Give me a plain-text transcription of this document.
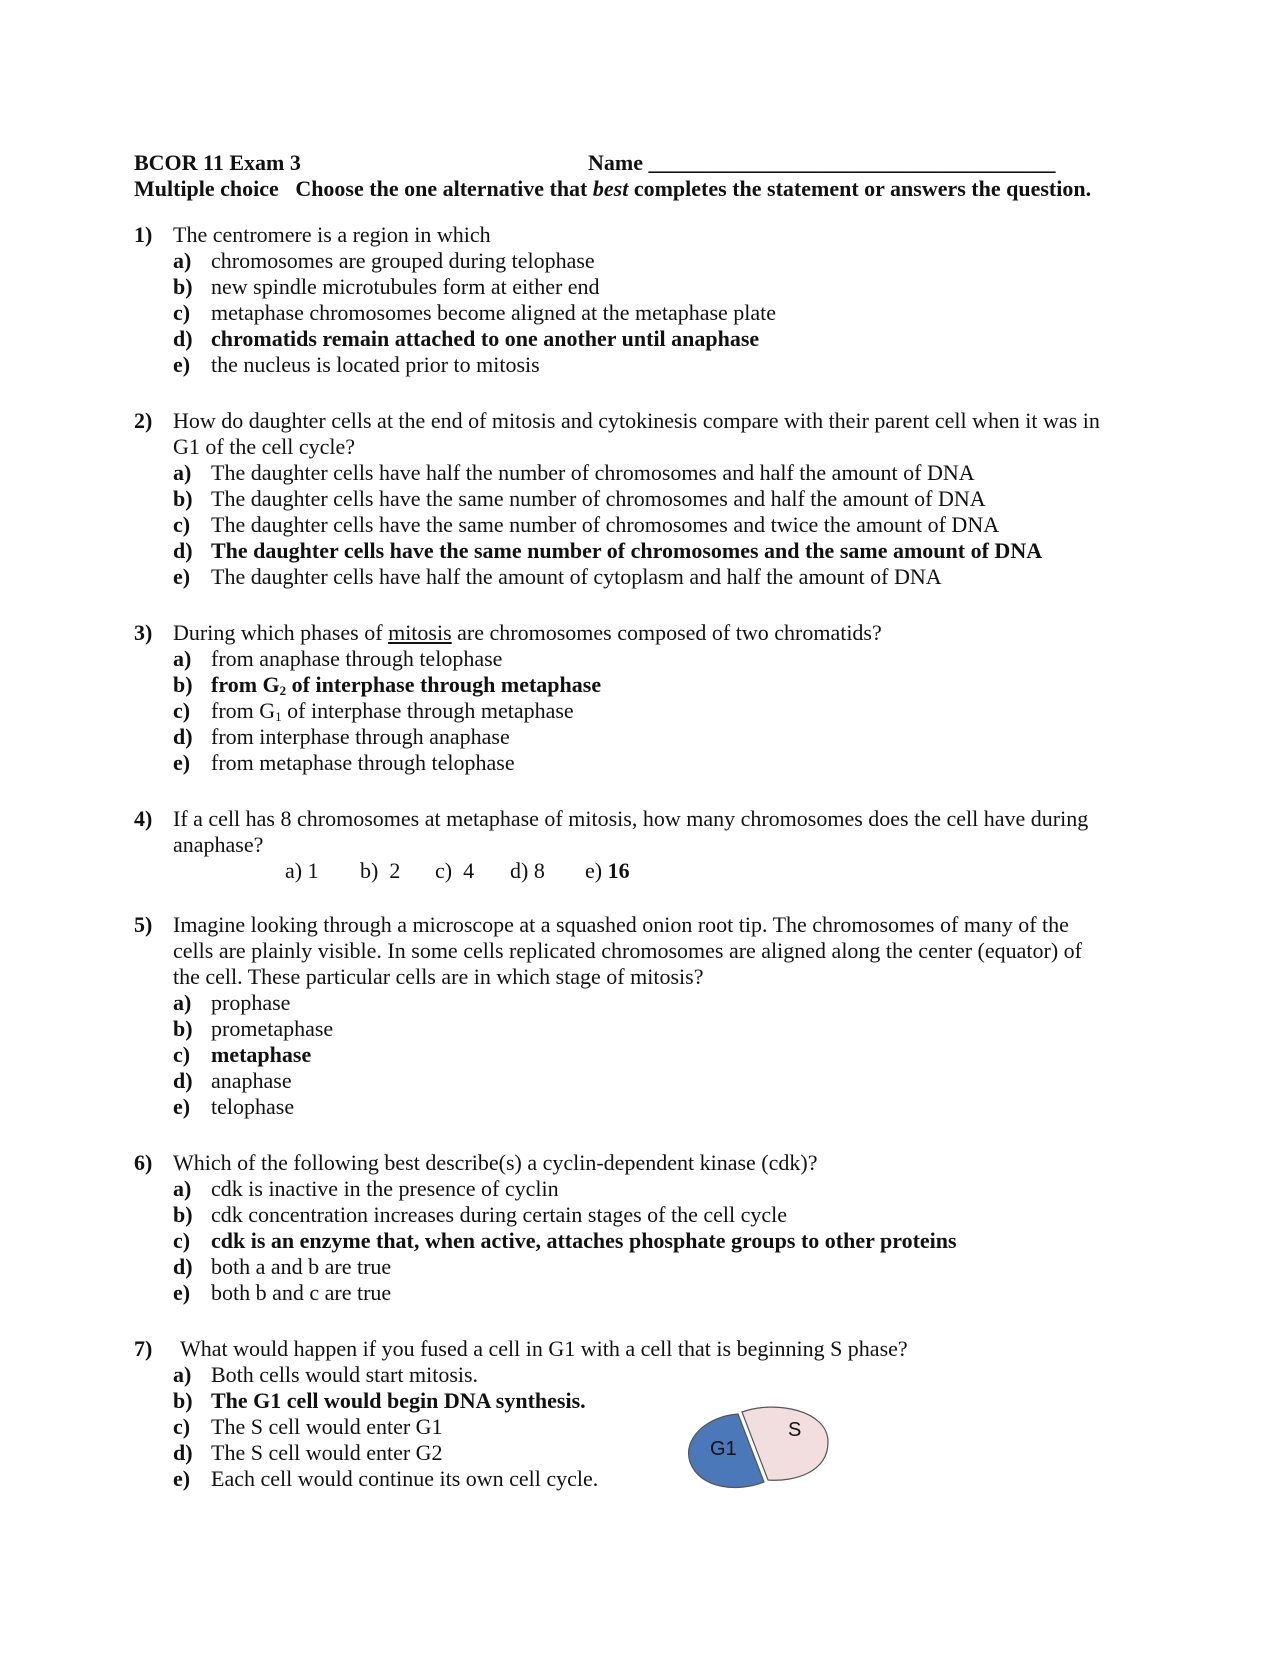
BCOR 11 Exam 3	Name _____________________________________
Multiple choice Choose the one alternative that best completes the statement or answers the question.
1) The centromere is a region in which
a) chromosomes are grouped during telophase
b) new spindle microtubules form at either end
c) metaphase chromosomes become aligned at the metaphase plate
d) chromatids remain attached to one another until anaphase
e) the nucleus is located prior to mitosis
2) How do daughter cells at the end of mitosis and cytokinesis compare with their parent cell when it was in
G1 of the cell cycle?
a) The daughter cells have half the number of chromosomes and half the amount of DNA
b) The daughter cells have the same number of chromosomes and half the amount of DNA
c) The daughter cells have the same number of chromosomes and twice the amount of DNA
d) The daughter cells have the same number of chromosomes and the same amount of DNA
e) The daughter cells have half the amount of cytoplasm and half the amount of DNA
3) During which phases of mitosis are chromosomes composed of two chromatids?
a) from anaphase through telophase
b) from $G_2$ of interphase through metaphase
c) from $G_1$ of interphase through metaphase
d) from interphase through anaphase
e) from metaphase through telophase
4) If a cell has 8 chromosomes at metaphase of mitosis, how many chromosomes does the cell have during
anaphase?
a) 1 b) 2 c) 4 d) 8 e) 16
5) Imagine looking through a microscope at a squashed onion root tip. The chromosomes of many of the
cells are plainly visible. In some cells replicated chromosomes are aligned along the center (equator) of
the cell. These particular cells are in which stage of mitosis?
a) prophase
b) prometaphase
c) metaphase
d) anaphase
e) telophase
6) Which of the following best describe(s) a cyclin-dependent kinase (cdk)?
a) cdk is inactive in the presence of cyclin
b) cdk concentration increases during certain stages of the cell cycle
c) cdk is an enzyme that, when active, attaches phosphate groups to other proteins
d) both a and b are true
e) both b and c are true
7) What would happen if you fused a cell in G1 with a cell that is beginning S phase?
a) Both cells would start mitosis.
b) The G1 cell would begin DNA synthesis.
c) The S cell would enter G1
d) The S cell would enter G2
e) Each cell would continue its own cell cycle.
G1
S
